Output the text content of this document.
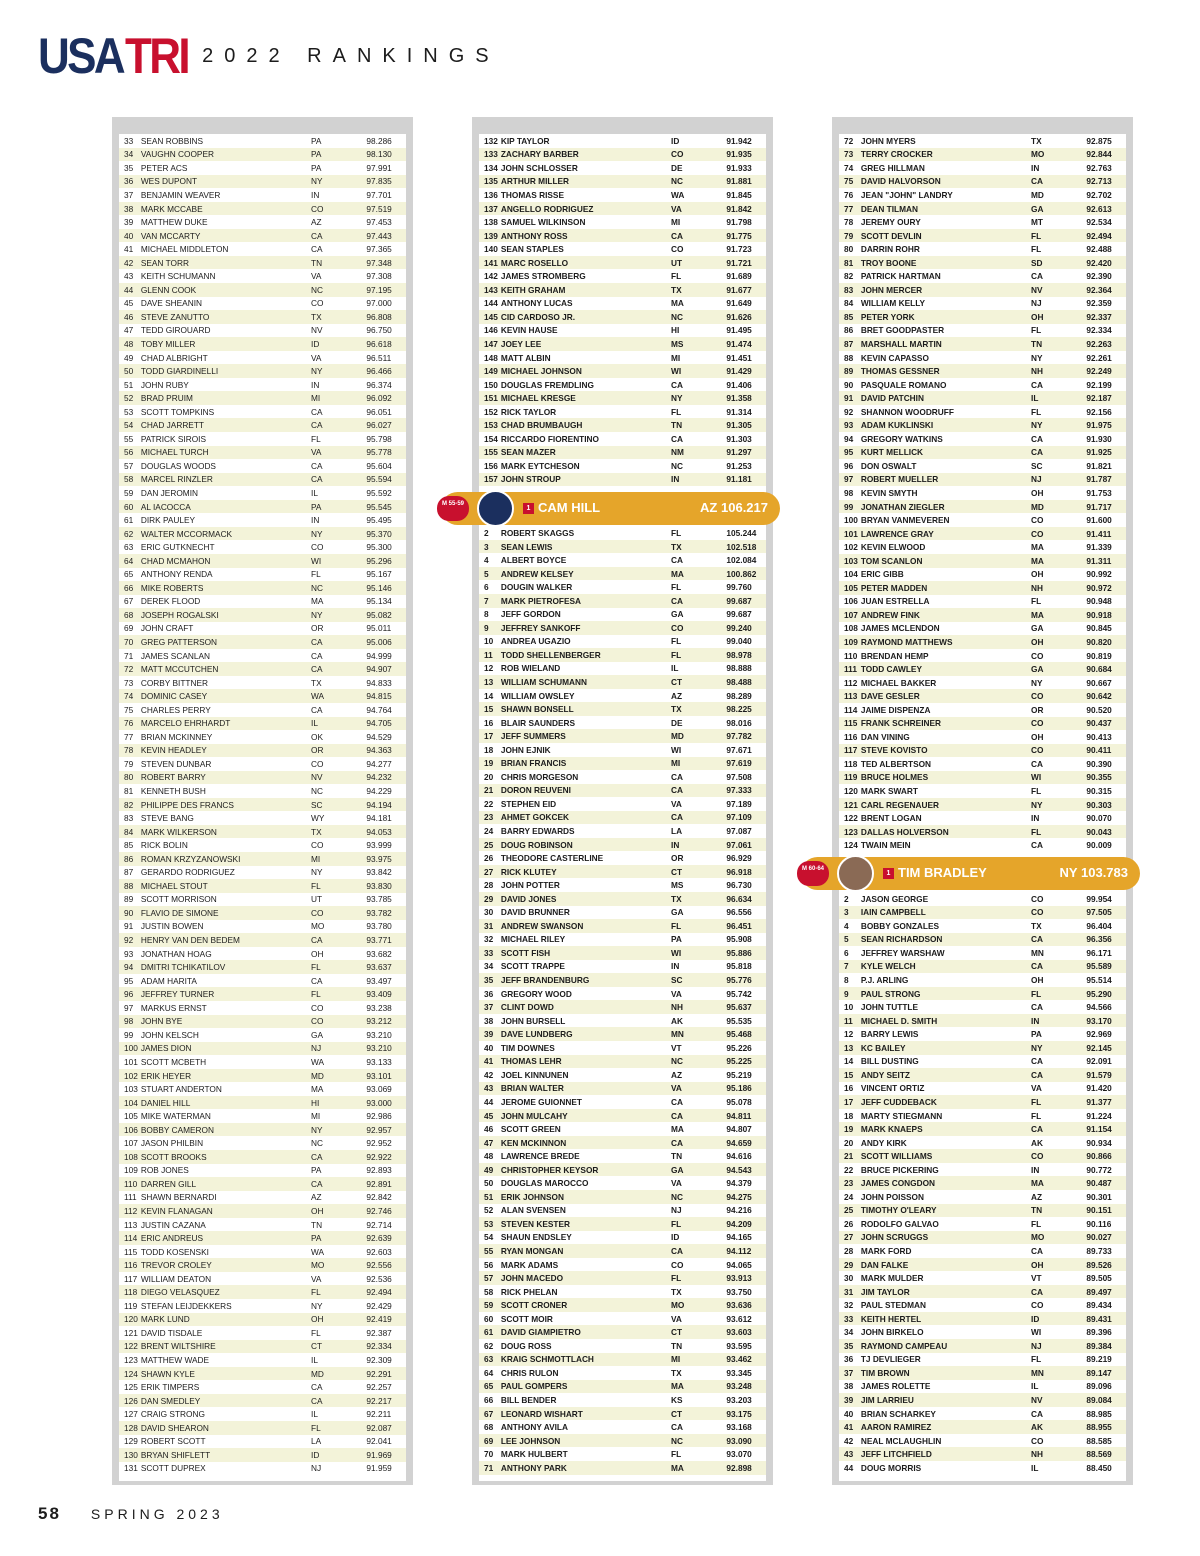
USA TRI 2022 RANKINGS
33 SEAN ROBBINS	PA	98.286
34 VAUGHN COOPER	PA	98.130
35 PETER ACS	PA	97.991
36 WES DUPONT	NY	97.835
37 BENJAMIN WEAVER	IN	97.701
38 MARK MCCABE	CO	97.519
39 MATTHEW DUKE	AZ	97.453
40 VAN MCCARTY	CA	97.443
41 MICHAEL MIDDLETON	CA	97.365
42 SEAN TORR	TN	97.348
43 KEITH SCHUMANN	VA	97.308
44 GLENN COOK	NC	97.195
45 DAVE SHEANIN	CO	97.000
46 STEVE ZANUTTO	TX	96.808
47 TEDD GIROUARD	NV	96.750
48 TOBY MILLER	ID	96.618
49 CHAD ALBRIGHT	VA	96.511
50 TODD GIARDINELLI	NY	96.466
51 JOHN RUBY	IN	96.374
52 BRAD PRUIM	MI	96.092
53 SCOTT TOMPKINS	CA	96.051
54 CHAD JARRETT	CA	96.027
55 PATRICK SIROIS	FL	95.798
56 MICHAEL TURCH	VA	95.778
57 DOUGLAS WOODS	CA	95.604
58 MARCEL RINZLER	CA	95.594
59 DAN JEROMIN	IL	95.592
60 AL IACOCCA	PA	95.545
61 DIRK PAULEY	IN	95.495
62 WALTER MCCORMACK	NY	95.370
63 ERIC GUTKNECHT	CO	95.300
64 CHAD MCMAHON	WI	95.296
65 ANTHONY RENDA	FL	95.167
66 MIKE ROBERTS	NC	95.146
67 DEREK FLOOD	MA	95.134
68 JOSEPH ROGALSKI	NY	95.082
69 JOHN CRAFT	OR	95.011
70 GREG PATTERSON	CA	95.006
71 JAMES SCANLAN	CA	94.999
72 MATT MCCUTCHEN	CA	94.907
73 CORBY BITTNER	TX	94.833
74 DOMINIC CASEY	WA	94.815
75 CHARLES PERRY	CA	94.764
76 MARCELO EHRHARDT	IL	94.705
77 BRIAN MCKINNEY	OK	94.529
78 KEVIN HEADLEY	OR	94.363
79 STEVEN DUNBAR	CO	94.277
80 ROBERT BARRY	NV	94.232
81 KENNETH BUSH	NC	94.229
82 PHILIPPE DES FRANCS	SC	94.194
83 STEVE BANG	WY	94.181
84 MARK WILKERSON	TX	94.053
85 RICK BOLIN	CO	93.999
86 ROMAN KRZYZANOWSKI	MI	93.975
87 GERARDO RODRIGUEZ	NY	93.842
88 MICHAEL STOUT	FL	93.830
89 SCOTT MORRISON	UT	93.785
90 FLAVIO DE SIMONE	CO	93.782
91 JUSTIN BOWEN	MO	93.780
92 HENRY VAN DEN BEDEM	CA	93.771
93 JONATHAN HOAG	OH	93.682
94 DMITRI TCHIKATILOV	FL	93.637
95 ADAM HARITA	CA	93.497
96 JEFFREY TURNER	FL	93.409
97 MARKUS ERNST	CO	93.238
98 JOHN BYE	CO	93.212
99 JOHN KELSCH	GA	93.210
100 JAMES DION	NJ	93.210
101 SCOTT MCBETH	WA	93.133
102 ERIK HEYER	MD	93.101
103 STUART ANDERTON	MA	93.069
104 DANIEL HILL	HI	93.000
105 MIKE WATERMAN	MI	92.986
106 BOBBY CAMERON	NY	92.957
107 JASON PHILBIN	NC	92.952
108 SCOTT BROOKS	CA	92.922
109 ROB JONES	PA	92.893
110 DARREN GILL	CA	92.891
111 SHAWN BERNARDI	AZ	92.842
112 KEVIN FLANAGAN	OH	92.746
113 JUSTIN CAZANA	TN	92.714
114 ERIC ANDREUS	PA	92.639
115 TODD KOSENSKI	WA	92.603
116 TREVOR CROLEY	MO	92.556
117 WILLIAM DEATON	VA	92.536
118 DIEGO VELASQUEZ	FL	92.494
119 STEFAN LEIJDEKKERS	NY	92.429
120 MARK LUND	OH	92.419
121 DAVID TISDALE	FL	92.387
122 BRENT WILTSHIRE	CT	92.334
123 MATTHEW WADE	IL	92.309
124 SHAWN KYLE	MD	92.291
125 ERIK TIMPERS	CA	92.257
126 DAN SMEDLEY	CA	92.217
127 CRAIG STRONG	IL	92.211
128 DAVID SHEARON	FL	92.087
129 ROBERT SCOTT	LA	92.041
130 BRYAN SHIFLETT	ID	91.969
131 SCOTT DUPREX	NJ	91.959
132 KIP TAYLOR	ID	91.942
133 ZACHARY BARBER	CO	91.935
134 JOHN SCHLOSSER	DE	91.933
135 ARTHUR MILLER	NC	91.881
136 THOMAS RISSE	WA	91.845
137 ANGELLO RODRIGUEZ	VA	91.842
138 SAMUEL WILKINSON	MI	91.798
139 ANTHONY ROSS	CA	91.775
140 SEAN STAPLES	CO	91.723
141 MARC ROSELLO	UT	91.721
142 JAMES STROMBERG	FL	91.689
143 KEITH GRAHAM	TX	91.677
144 ANTHONY LUCAS	MA	91.649
145 CID CARDOSO JR.	NC	91.626
146 KEVIN HAUSE	HI	91.495
147 JOEY LEE	MS	91.474
148 MATT ALBIN	MI	91.451
149 MICHAEL JOHNSON	WI	91.429
150 DOUGLAS FREMDLING	CA	91.406
151 MICHAEL KRESGE	NY	91.358
152 RICK TAYLOR	FL	91.314
153 CHAD BRUMBAUGH	TN	91.305
154 RICCARDO FIORENTINO	CA	91.303
155 SEAN MAZER	NM	91.297
156 MARK EYTCHESON	NC	91.253
157 JOHN STROUP	IN	91.181
2	ROBERT SKAGGS	FL	105.244
3	SEAN LEWIS	TX	102.518
4	ALBERT BOYCE	CA	102.084
5	ANDREW KELSEY	MA	100.862
6	DOUGIN WALKER	FL	99.760
7	MARK PIETROFESA	CA	99.687
8	JEFF GORDON	GA	99.687
9	JEFFREY SANKOFF	CO	99.240
10 ANDREA UGAZIO	FL	99.040
11 TODD SHELLENBERGER	FL	98.978
12 ROB WIELAND	IL	98.888
13 WILLIAM SCHUMANN	CT	98.488
14 WILLIAM OWSLEY	AZ	98.289
15 SHAWN BONSELL	TX	98.225
16 BLAIR SAUNDERS	DE	98.016
17 JEFF SUMMERS	MD	97.782
18 JOHN EJNIK	WI	97.671
19 BRIAN FRANCIS	MI	97.619
20 CHRIS MORGESON	CA	97.508
21 DORON REUVENI	CA	97.333
22 STEPHEN EID	VA	97.189
23 AHMET GOKCEK	CA	97.109
24 BARRY EDWARDS	LA	97.087
25 DOUG ROBINSON	IN	97.061
26 THEODORE CASTERLINE	OR	96.929
27 RICK KLUTEY	CT	96.918
28 JOHN POTTER	MS	96.730
29 DAVID JONES	TX	96.634
30 DAVID BRUNNER	GA	96.556
31 ANDREW SWANSON	FL	96.451
32 MICHAEL RILEY	PA	95.908
33 SCOTT FISH	WI	95.886
34 SCOTT TRAPPE	IN	95.818
35 JEFF BRANDENBURG	SC	95.776
36 GREGORY WOOD	VA	95.742
37 CLINT DOWD	NH	95.637
38 JOHN BURSELL	AK	95.535
39 DAVE LUNDBERG	MN	95.468
40 TIM DOWNES	VT	95.226
41 THOMAS LEHR	NC	95.225
42 JOEL KINNUNEN	AZ	95.219
43 BRIAN WALTER	VA	95.186
44 JEROME GUIONNET	CA	95.078
45 JOHN MULCAHY	CA	94.811
46 SCOTT GREEN	MA	94.807
47 KEN MCKINNON	CA	94.659
48 LAWRENCE BREDE	TN	94.616
49 CHRISTOPHER KEYSOR	GA	94.543
50 DOUGLAS MAROCCO	VA	94.379
51 ERIK JOHNSON	NC	94.275
52 ALAN SVENSEN	NJ	94.216
53 STEVEN KESTER	FL	94.209
54 SHAUN ENDSLEY	ID	94.165
55 RYAN MONGAN	CA	94.112
56 MARK ADAMS	CO	94.065
57 JOHN MACEDO	FL	93.913
58 RICK PHELAN	TX	93.750
59 SCOTT CRONER	MO	93.636
60 SCOTT MOIR	VA	93.612
61 DAVID GIAMPIETRO	CT	93.603
62 DOUG ROSS	TN	93.595
63 KRAIG SCHMOTTLACH	MI	93.462
64 CHRIS RULON	TX	93.345
65 PAUL GOMPERS	MA	93.248
66 BILL BENDER	KS	93.203
67 LEONARD WISHART	CT	93.175
68 ANTHONY AVILA	CA	93.168
69 LEE JOHNSON	NC	93.090
70 MARK HULBERT	FL	93.070
71 ANTHONY PARK	MA	92.898
72 JOHN MYERS	TX	92.875
73 TERRY CROCKER	MO	92.844
74 GREG HILLMAN	IN	92.763
75 DAVID HALVORSON	CA	92.713
76 JEAN "JOHN" LANDRY	MD	92.702
77 DEAN TILMAN	GA	92.613
78 JEREMY OURY	MT	92.534
79 SCOTT DEVLIN	FL	92.494
80 DARRIN ROHR	FL	92.488
81 TROY BOONE	SD	92.420
82 PATRICK HARTMAN	CA	92.390
83 JOHN MERCER	NV	92.364
84 WILLIAM KELLY	NJ	92.359
85 PETER YORK	OH	92.337
86 BRET GOODPASTER	FL	92.334
87 MARSHALL MARTIN	TN	92.263
88 KEVIN CAPASSO	NY	92.261
89 THOMAS GESSNER	NH	92.249
90 PASQUALE ROMANO	CA	92.199
91 DAVID PATCHIN	IL	92.187
92 SHANNON WOODRUFF	FL	92.156
93 ADAM KUKLINSKI	NY	91.975
94 GREGORY WATKINS	CA	91.930
95 KURT MELLICK	CA	91.925
96 DON OSWALT	SC	91.821
97 ROBERT MUELLER	NJ	91.787
98 KEVIN SMYTH	OH	91.753
99 JONATHAN ZIEGLER	MD	91.717
100 BRYAN VANMEVEREN	CO	91.600
101 LAWRENCE GRAY	CO	91.411
102 KEVIN ELWOOD	MA	91.339
103 TOM SCANLON	MA	91.311
104 ERIC GIBB	OH	90.992
105 PETER MADDEN	NH	90.972
106 JUAN ESTRELLA	FL	90.948
107 ANDREW FINK	MA	90.918
108 JAMES MCLENDON	GA	90.845
109 RAYMOND MATTHEWS	OH	90.820
110 BRENDAN HEMP	CO	90.819
111 TODD CAWLEY	GA	90.684
112 MICHAEL BAKKER	NY	90.667
113 DAVE GESLER	CO	90.642
114 JAIME DISPENZA	OR	90.520
115 FRANK SCHREINER	CO	90.437
116 DAN VINING	OH	90.413
117 STEVE KOVISTO	CO	90.411
118 TED ALBERTSON	CA	90.390
119 BRUCE HOLMES	WI	90.355
120 MARK SWART	FL	90.315
121 CARL REGENAUER	NY	90.303
122 BRENT LOGAN	IN	90.070
123 DALLAS HOLVERSON	FL	90.043
124 TWAIN MEIN	CA	90.009
2	JASON GEORGE	CO	99.954
3	IAIN CAMPBELL	CO	97.505
4	BOBBY GONZALES	TX	96.404
5	SEAN RICHARDSON	CA	96.356
6	JEFFREY WARSHAW	MN	96.171
7	KYLE WELCH	CA	95.589
8	P.J. ARLING	OH	95.514
9	PAUL STRONG	FL	95.290
10 JOHN TUTTLE	CA	94.566
11 MICHAEL D. SMITH	IN	93.170
12 BARRY LEWIS	PA	92.969
13 KC BAILEY	NY	92.145
14 BILL DUSTING	CA	92.091
15 ANDY SEITZ	CA	91.579
16 VINCENT ORTIZ	VA	91.420
17 JEFF CUDDEBACK	FL	91.377
18 MARTY STIEGMANN	FL	91.224
19 MARK KNAEPS	CA	91.154
20 ANDY KIRK	AK	90.934
21 SCOTT WILLIAMS	CO	90.866
22 BRUCE PICKERING	IN	90.772
23 JAMES CONGDON	MA	90.487
24 JOHN POISSON	AZ	90.301
25 TIMOTHY O'LEARY	TN	90.151
26 RODOLFO GALVAO	FL	90.116
27 JOHN SCRUGGS	MO	90.027
28 MARK FORD	CA	89.733
29 DAN FALKE	OH	89.526
30 MARK MULDER	VT	89.505
31 JIM TAYLOR	CA	89.497
32 PAUL STEDMAN	CO	89.434
33 KEITH HERTEL	ID	89.431
34 JOHN BIRKELO	WI	89.396
35 RAYMOND CAMPEAU	NJ	89.384
36 TJ DEVLIEGER	FL	89.219
37 TIM BROWN	MN	89.147
38 JAMES ROLETTE	IL	89.096
39 JIM LARRIEU	NV	89.084
40 BRIAN SCHARKEY	CA	88.985
41 AARON RAMIREZ	AK	88.955
42 NEAL MCLAUGHLIN	CO	88.585
43 JEFF LITCHFIELD	NH	88.569
44 DOUG MORRIS	IL	88.450
M 55-59
1 CAM HILL	AZ 106.217
M 60-64
1 TIM BRADLEY	NY 103.783
58 SPRING 2023
